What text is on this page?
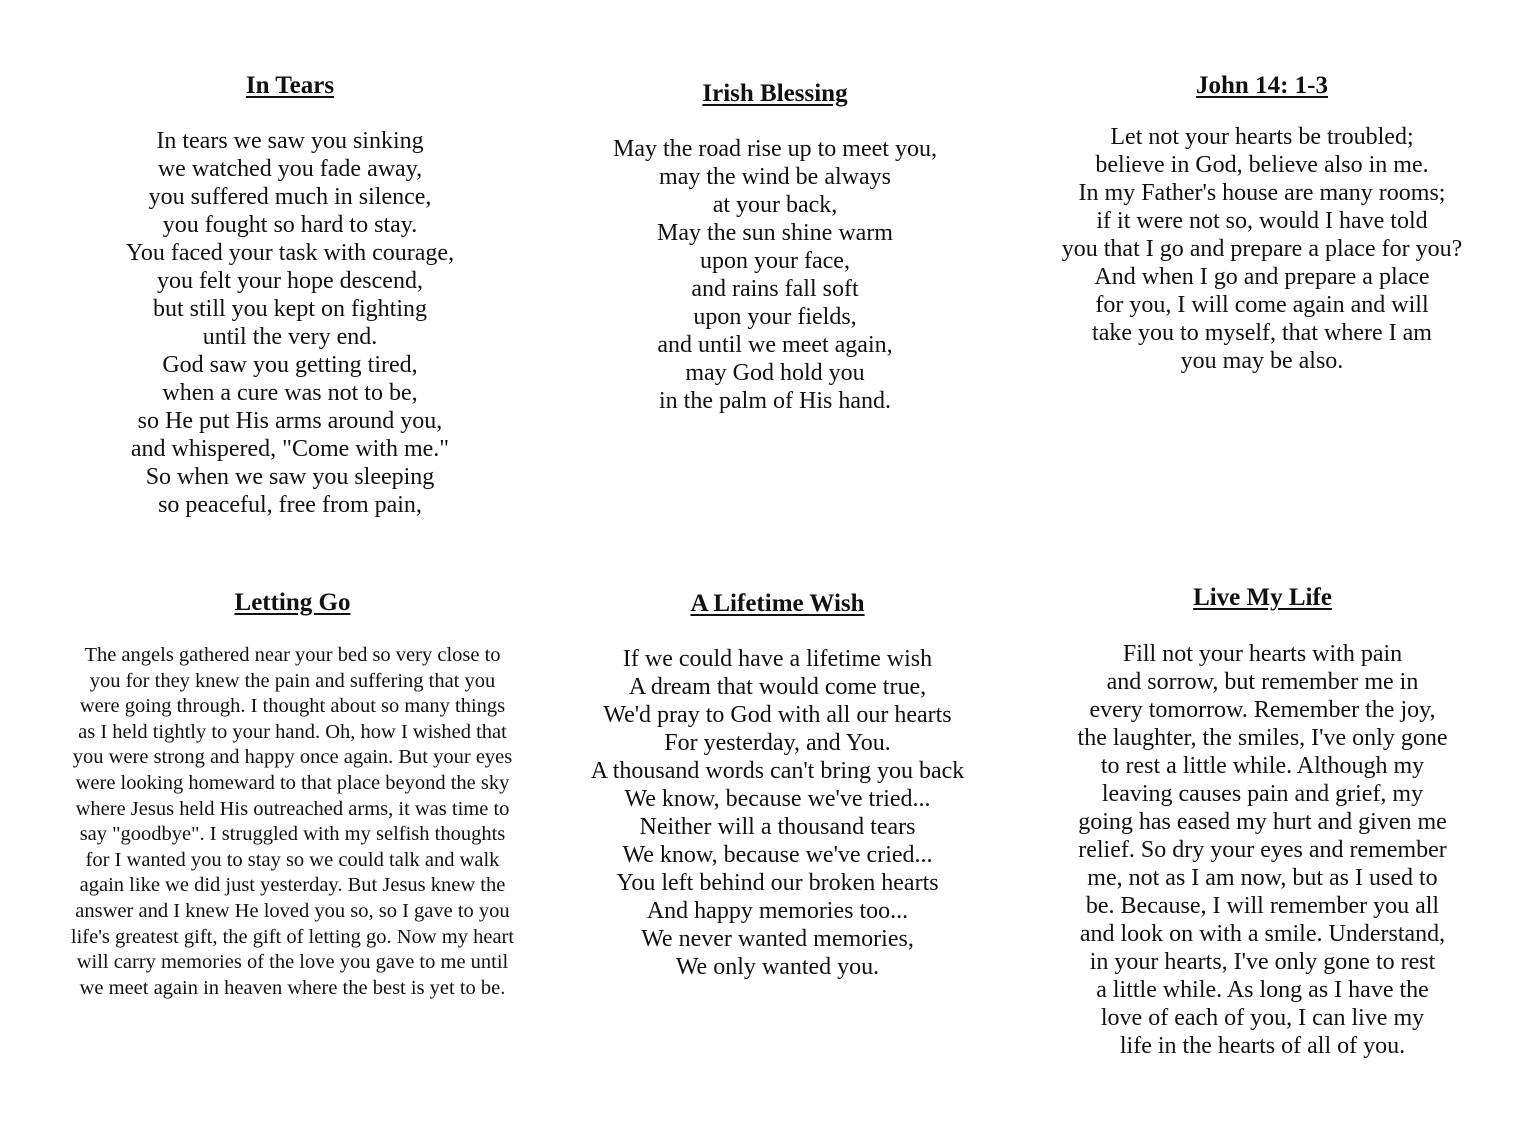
In Tears
In tears we saw you sinking
we watched you fade away,
you suffered much in silence,
you fought so hard to stay.
You faced your task with courage,
you felt your hope descend,
but still you kept on fighting
until the very end.
God saw you getting tired,
when a cure was not to be,
so He put His arms around you,
and whispered, "Come with me."
So when we saw you sleeping
so peaceful, free from pain,
Irish Blessing
May the road rise up to meet you,
may the wind be always
at your back,
May the sun shine warm
upon your face,
and rains fall soft
upon your fields,
and until we meet again,
may God hold you
in the palm of His hand.
John 14: 1-3
Let not your hearts be troubled;
believe in God, believe also in me.
In my Father's house are many rooms;
if it were not so, would I have told
you that I go and prepare a place for you?
And when I go and prepare a place
for you, I will come again and will
take you to myself, that where I am
you may be also.
Letting Go
The angels gathered near your bed so very close to
you for they knew the pain and suffering that you
were going through. I thought about so many things
as I held tightly to your hand. Oh, how I wished that
you were strong and happy once again. But your eyes
were looking homeward to that place beyond the sky
where Jesus held His outreached arms, it was time to
say "goodbye". I struggled with my selfish thoughts
for I wanted you to stay so we could talk and walk
again like we did just yesterday. But Jesus knew the
answer and I knew He loved you so, so I gave to you
life's greatest gift, the gift of letting go. Now my heart
will carry memories of the love you gave to me until
we meet again in heaven where the best is yet to be.
A Lifetime Wish
If we could have a lifetime wish
A dream that would come true,
We'd pray to God with all our hearts
For yesterday, and You.
A thousand words can't bring you back
We know, because we've tried...
Neither will a thousand tears
We know, because we've cried...
You left behind our broken hearts
And happy memories too...
We never wanted memories,
We only wanted you.
Live My Life
Fill not your hearts with pain
and sorrow, but remember me in
every tomorrow. Remember the joy,
the laughter, the smiles, I've only gone
to rest a little while. Although my
leaving causes pain and grief, my
going has eased my hurt and given me
relief. So dry your eyes and remember
me, not as I am now, but as I used to
be. Because, I will remember you all
and look on with a smile. Understand,
in your hearts, I've only gone to rest
a little while. As long as I have the
love of each of you, I can live my
life in the hearts of all of you.
